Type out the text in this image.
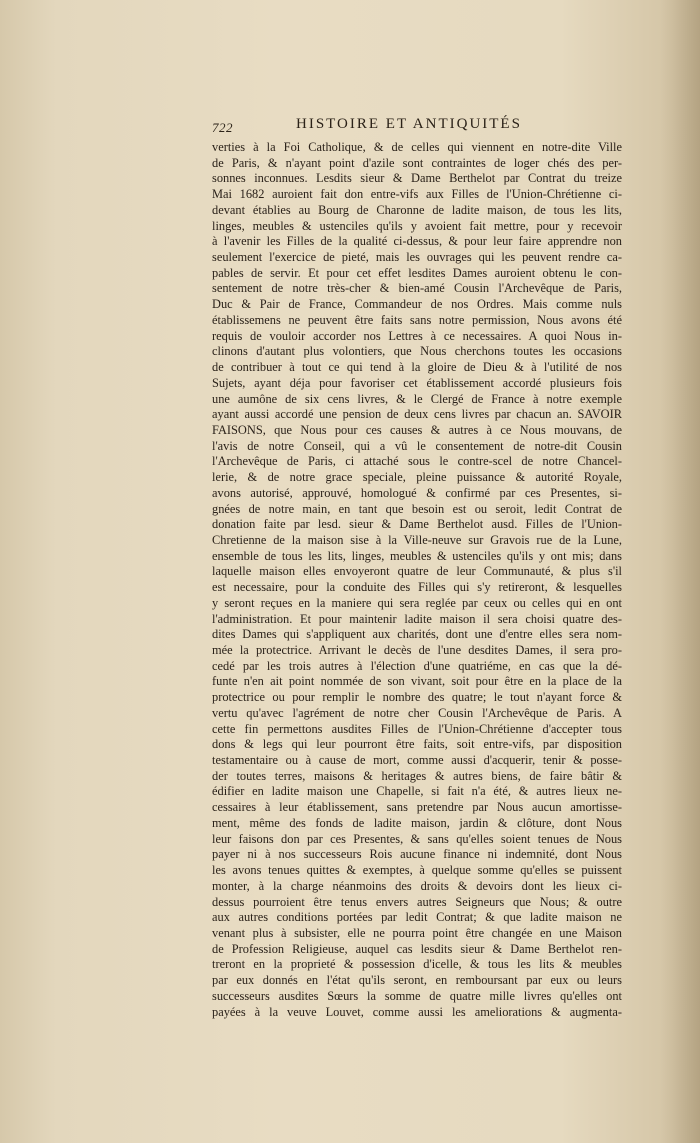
722	HISTOIRE ET ANTIQUITÉS
verties à la Foi Catholique, & de celles qui viennent en notre-dite Ville
de Paris, & n'ayant point d'azile sont contraintes de loger chés des per-
sonnes inconnues. Lesdits sieur & Dame Berthelot par Contrat du treize
Mai 1682 auroient fait don entre-vifs aux Filles de l'Union-Chrétienne ci-
devant établies au Bourg de Charonne de ladite maison, de tous les lits,
linges, meubles & ustenciles qu'ils y avoient fait mettre, pour y recevoir
à l'avenir les Filles de la qualité ci-dessus, & pour leur faire apprendre non
seulement l'exercice de pieté, mais les ouvrages qui les peuvent rendre ca-
pables de servir. Et pour cet effet lesdites Dames auroient obtenu le con-
sentement de notre très-cher & bien-amé Cousin l'Archevêque de Paris,
Duc & Pair de France, Commandeur de nos Ordres. Mais comme nuls
établissemens ne peuvent être faits sans notre permission, Nous avons été
requis de vouloir accorder nos Lettres à ce necessaires. A quoi Nous in-
clinons d'autant plus volontiers, que Nous cherchons toutes les occasions
de contribuer à tout ce qui tend à la gloire de Dieu & à l'utilité de nos
Sujets, ayant déja pour favoriser cet établissement accordé plusieurs fois
une aumône de six cens livres, & le Clergé de France à notre exemple
ayant aussi accordé une pension de deux cens livres par chacun an. SAVOIR
FAISONS, que Nous pour ces causes & autres à ce Nous mouvans, de
l'avis de notre Conseil, qui a vû le consentement de notre-dit Cousin
l'Archevêque de Paris, ci attaché sous le contre-scel de notre Chancel-
lerie, & de notre grace speciale, pleine puissance & autorité Royale,
avons autorisé, approuvé, homologué & confirmé par ces Presentes, si-
gnées de notre main, en tant que besoin est ou seroit, ledit Contrat de
donation faite par lesd. sieur & Dame Berthelot ausd. Filles de l'Union-
Chretienne de la maison sise à la Ville-neuve sur Gravois rue de la Lune,
ensemble de tous les lits, linges, meubles & ustenciles qu'ils y ont mis; dans
laquelle maison elles envoyeront quatre de leur Communauté, & plus s'il
est necessaire, pour la conduite des Filles qui s'y retireront, & lesquelles
y seront reçues en la maniere qui sera reglée par ceux ou celles qui en ont
l'administration. Et pour maintenir ladite maison il sera choisi quatre des-
dites Dames qui s'appliquent aux charités, dont une d'entre elles sera nom-
mée la protectrice. Arrivant le decès de l'une desdites Dames, il sera pro-
cedé par les trois autres à l'élection d'une quatriéme, en cas que la dé-
funte n'en ait point nommée de son vivant, soit pour être en la place de la
protectrice ou pour remplir le nombre des quatre; le tout n'ayant force &
vertu qu'avec l'agrément de notre cher Cousin l'Archevêque de Paris. A
cette fin permettons ausdites Filles de l'Union-Chrétienne d'accepter tous
dons & legs qui leur pourront être faits, soit entre-vifs, par disposition
testamentaire ou à cause de mort, comme aussi d'acquerir, tenir & posse-
der toutes terres, maisons & heritages & autres biens, de faire bâtir &
édifier en ladite maison une Chapelle, si fait n'a été, & autres lieux ne-
cessaires à leur établissement, sans pretendre par Nous aucun amortisse-
ment, même des fonds de ladite maison, jardin & clôture, dont Nous
leur faisons don par ces Presentes, & sans qu'elles soient tenues de Nous
payer ni à nos successeurs Rois aucune finance ni indemnité, dont Nous
les avons tenues quittes & exemptes, à quelque somme qu'elles se puissent
monter, à la charge néanmoins des droits & devoirs dont les lieux ci-
dessus pourroient être tenus envers autres Seigneurs que Nous; & outre
aux autres conditions portées par ledit Contrat; & que ladite maison ne
venant plus à subsister, elle ne pourra point être changée en une Maison
de Profession Religieuse, auquel cas lesdits sieur & Dame Berthelot ren-
treront en la proprieté & possession d'icelle, & tous les lits & meubles
par eux donnés en l'état qu'ils seront, en remboursant par eux ou leurs
successeurs ausdites Sœurs la somme de quatre mille livres qu'elles ont
payées à la veuve Louvet, comme aussi les ameliorations & augmenta-
